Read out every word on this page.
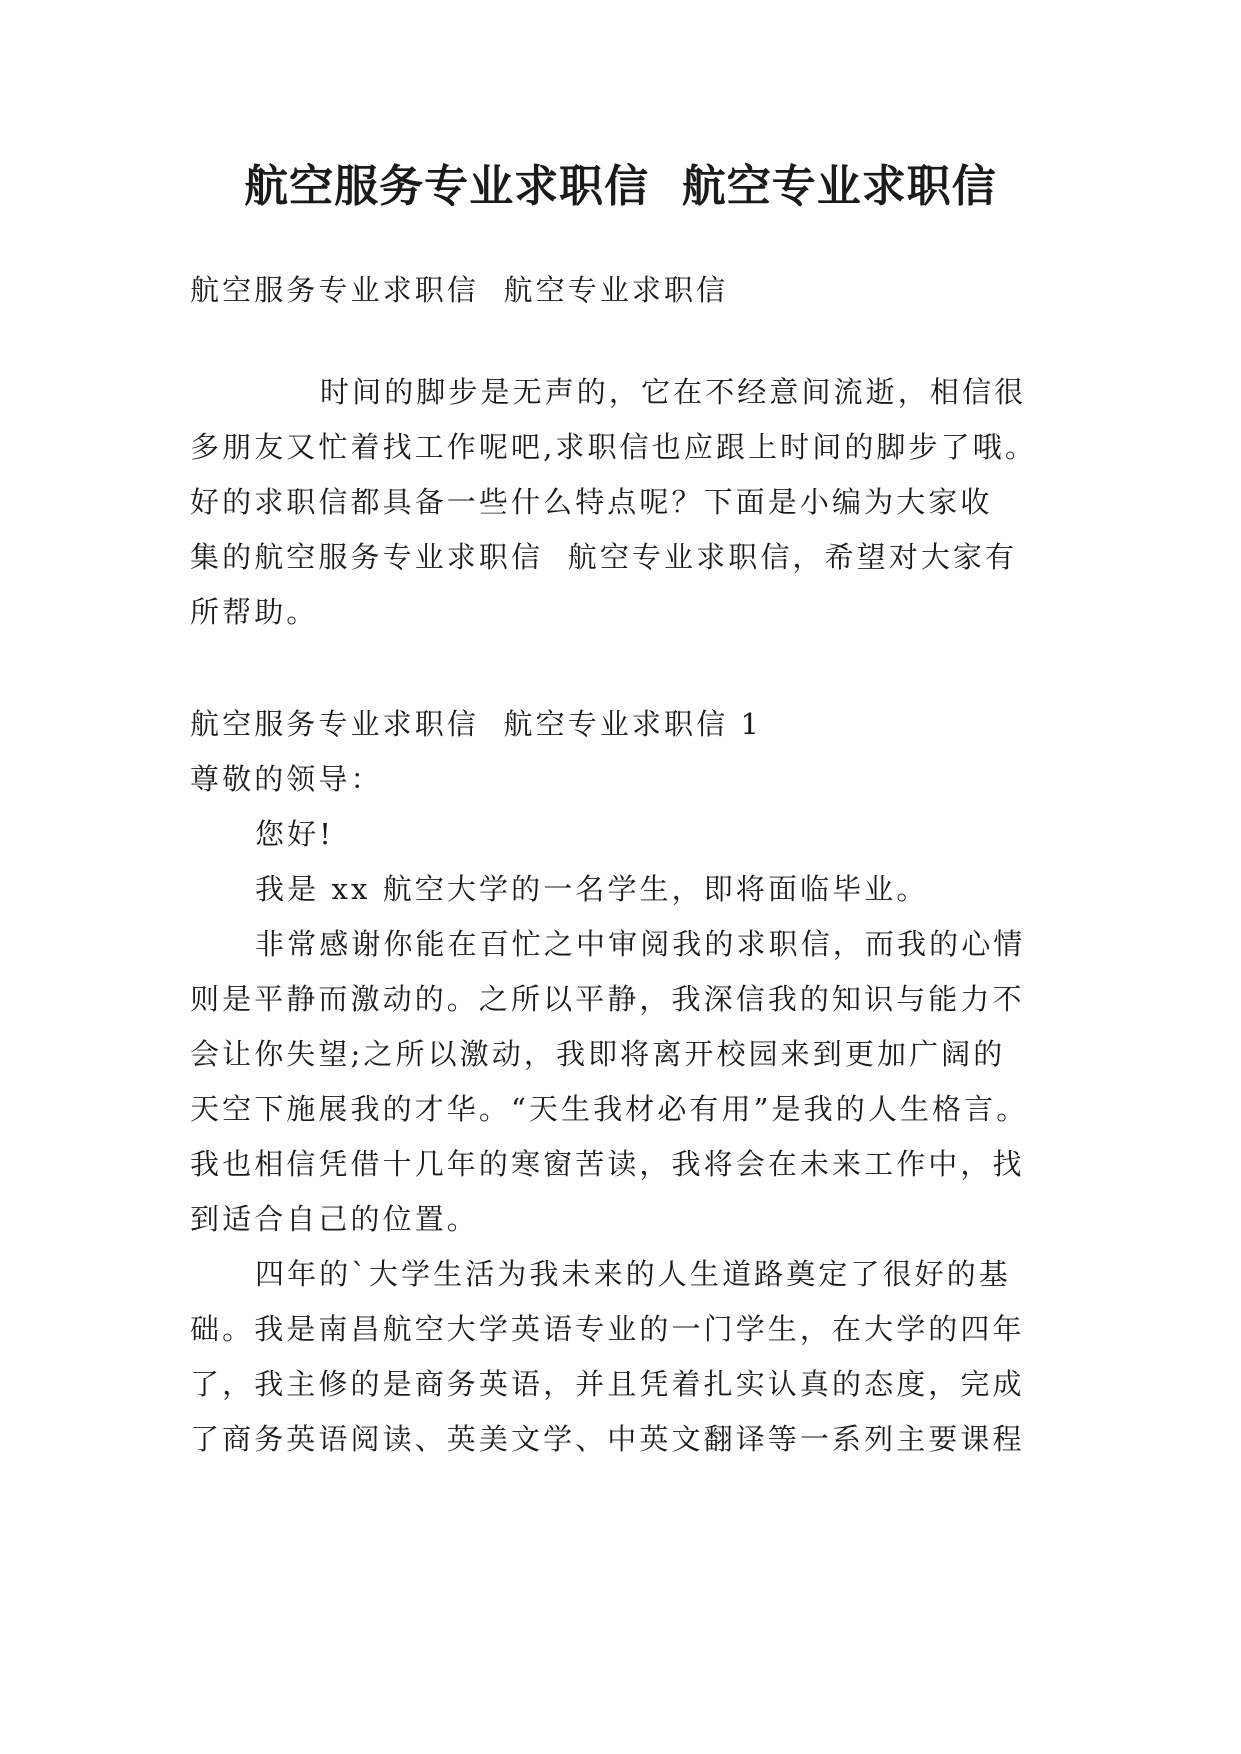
航空服务专业求职信  航空专业求职信
航空服务专业求职信  航空专业求职信
时间的脚步是无声的，它在不经意间流逝，相信很
多朋友又忙着找工作呢吧,求职信也应跟上时间的脚步了哦。
好的求职信都具备一些什么特点呢？下面是小编为大家收
集的航空服务专业求职信  航空专业求职信，希望对大家有
所帮助。
航空服务专业求职信  航空专业求职信 1
尊敬的领导：
您好!
我是 xx 航空大学的一名学生，即将面临毕业。
非常感谢你能在百忙之中审阅我的求职信，而我的心情
则是平静而激动的。之所以平静，我深信我的知识与能力不
会让你失望;之所以激动，我即将离开校园来到更加广阔的
天空下施展我的才华。“天生我材必有用”是我的人生格言。
我也相信凭借十几年的寒窗苦读，我将会在未来工作中，找
到适合自己的位置。
四年的`大学生活为我未来的人生道路奠定了很好的基
础。我是南昌航空大学英语专业的一门学生，在大学的四年
了，我主修的是商务英语，并且凭着扎实认真的态度，完成
了商务英语阅读、英美文学、中英文翻译等一系列主要课程
